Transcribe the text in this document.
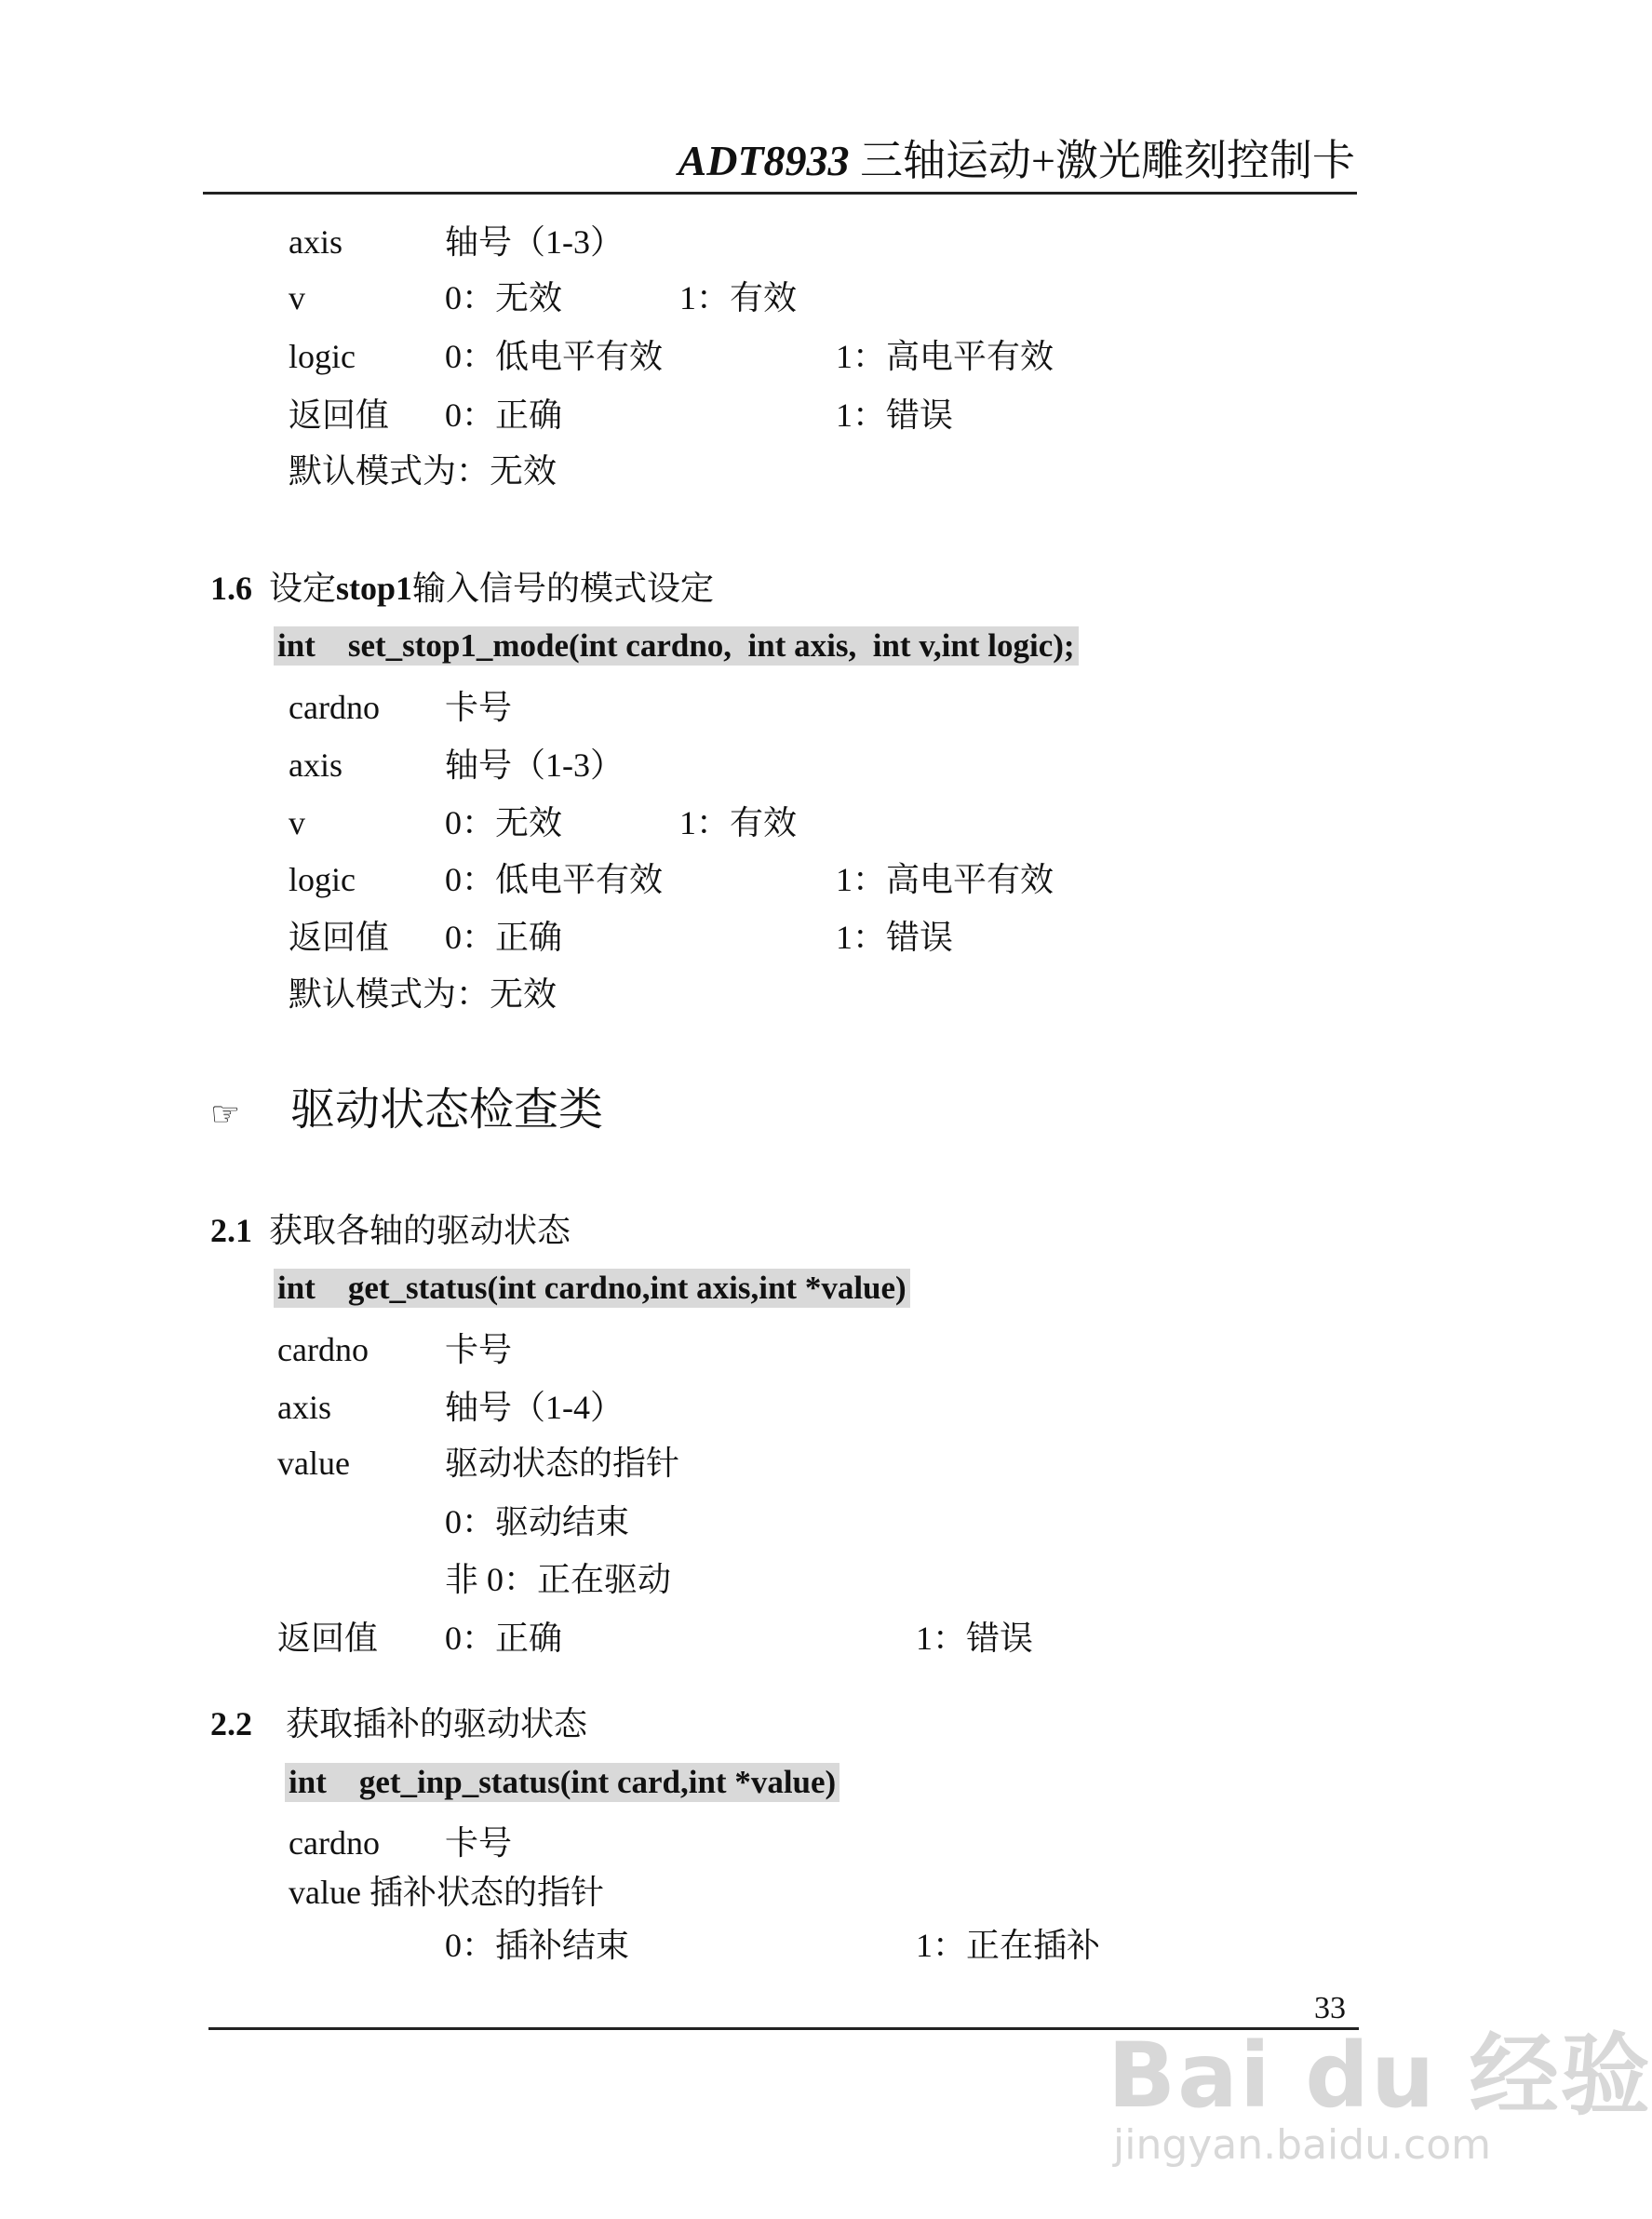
ADT8933 三轴运动+激光雕刻控制卡
axis	轴号（1-3）
v	0：无效	1：有效
logic	0：低电平有效	1：高电平有效
返回值 0：正确	1：错误
默认模式为：无效
1.6 设定stop1输入信号的模式设定
int    set_stop1_mode(int cardno,  int axis,  int v,int logic);
cardno 卡号
axis	轴号（1-3）
v	0：无效	1：有效
logic	0：低电平有效	1：高电平有效
返回值 0：正确	1：错误
默认模式为：无效
☞ 驱动状态检查类
2.1 获取各轴的驱动状态
int    get_status(int cardno,int axis,int *value)
cardno 卡号
axis	轴号（1-4）
value	驱动状态的指针
0：驱动结束
非 0：正在驱动
返回值 0：正确	1：错误
2.2 获取插补的驱动状态
int    get_inp_status(int card,int *value)
cardno 卡号
value 插补状态的指针
0：插补结束	1：正在插补
33
Bai du 经验
jingyan.baidu.com
